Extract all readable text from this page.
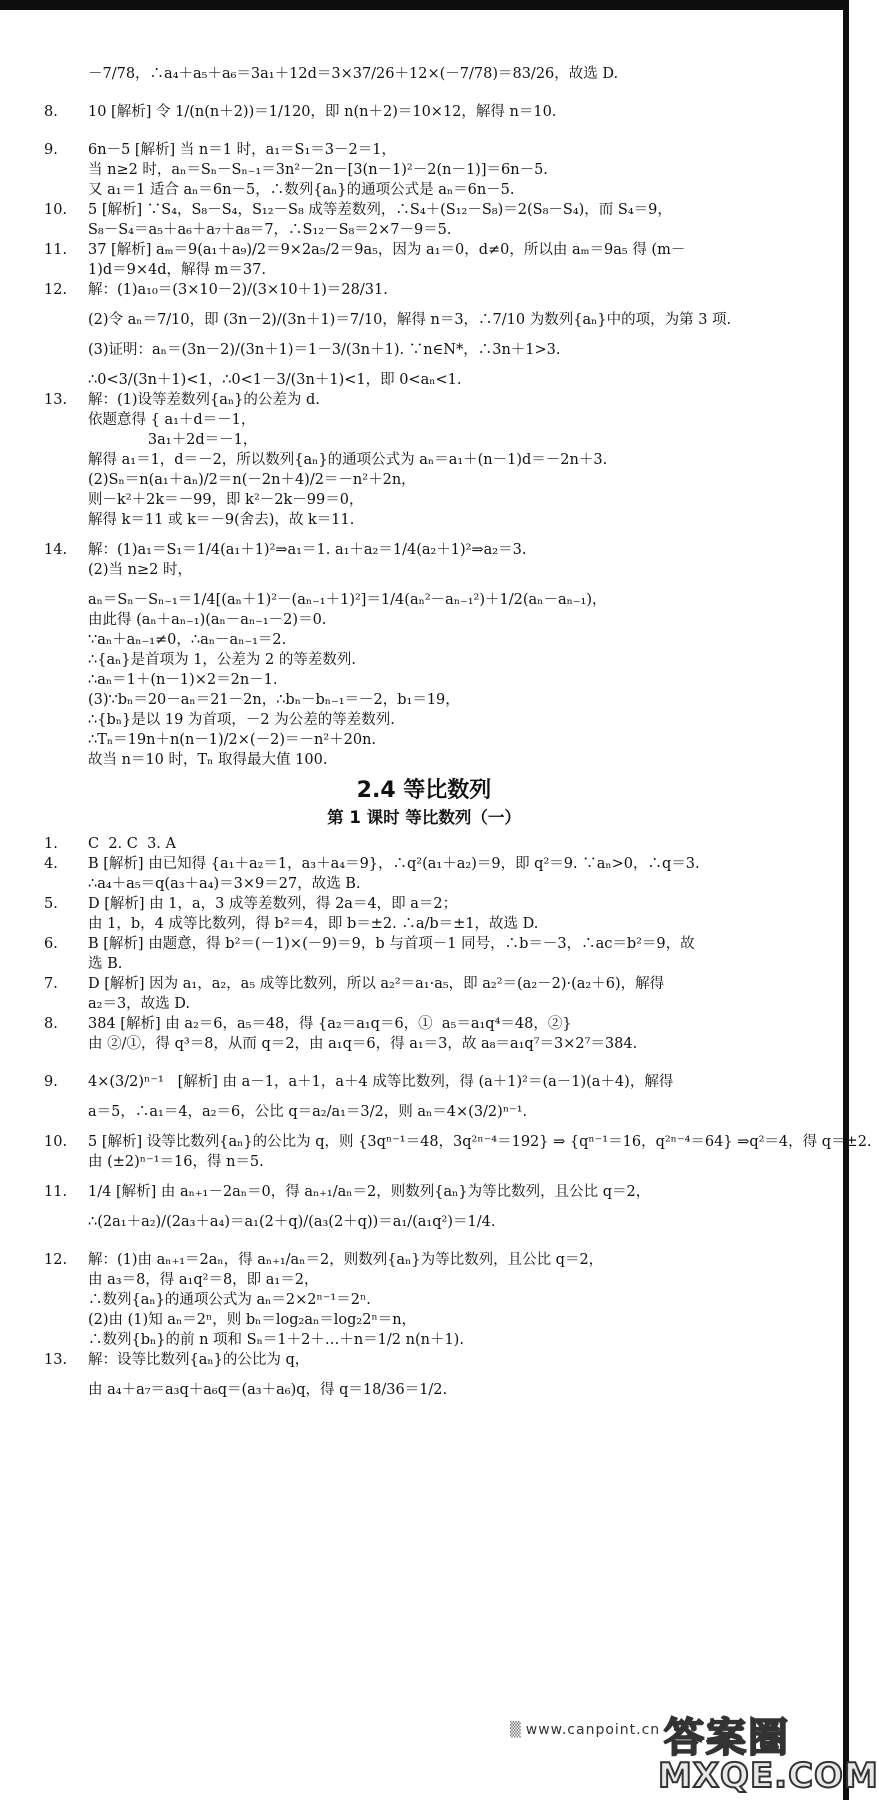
－7/78，∴a₄＋a₅＋a₆＝3a₁＋12d＝3×37/26＋12×(－7/78)＝83/26，故选 D.
8.	10 [解析] 令 1/(n(n＋2))＝1/120，即 n(n＋2)＝10×12，解得 n＝10.
9.	6n－5 [解析] 当 n＝1 时，a₁＝S₁＝3－2＝1，
当 n≥2 时，aₙ＝Sₙ－Sₙ₋₁＝3n²－2n－[3(n－1)²－2(n－1)]＝6n－5.
又 a₁＝1 适合 aₙ＝6n－5，∴数列{aₙ}的通项公式是 aₙ＝6n－5.
10.	5 [解析] ∵S₄，S₈－S₄，S₁₂－S₈ 成等差数列，∴S₄＋(S₁₂－S₈)＝2(S₈－S₄)，而 S₄＝9，
S₈－S₄＝a₅＋a₆＋a₇＋a₈＝7，∴S₁₂－S₈＝2×7－9＝5.
11.	37 [解析] aₘ＝9(a₁＋a₉)/2＝9×2a₅/2＝9a₅，因为 a₁＝0，d≠0，所以由 aₘ＝9a₅ 得 (m－
1)d＝9×4d，解得 m＝37.
12.	解：(1)a₁₀＝(3×10－2)/(3×10＋1)＝28/31.
(2)令 aₙ＝7/10，即 (3n－2)/(3n＋1)＝7/10，解得 n＝3，∴7/10 为数列{aₙ}中的项，为第 3 项.
(3)证明：aₙ＝(3n－2)/(3n＋1)＝1－3/(3n＋1). ∵n∈N*，∴3n＋1>3.
∴0<3/(3n＋1)<1，∴0<1－3/(3n＋1)<1，即 0<aₙ<1.
13.	解：(1)设等差数列{aₙ}的公差为 d.
依题意得 { a₁＋d＝－1，
3a₁＋2d＝－1，
解得 a₁＝1，d＝－2，所以数列{aₙ}的通项公式为 aₙ＝a₁＋(n－1)d＝－2n＋3.
(2)Sₙ＝n(a₁＋aₙ)/2＝n(－2n＋4)/2＝－n²＋2n，
则－k²＋2k＝－99，即 k²－2k－99＝0，
解得 k＝11 或 k＝－9(舍去)，故 k＝11.
14.	解：(1)a₁＝S₁＝1/4(a₁＋1)²⇒a₁＝1. a₁＋a₂＝1/4(a₂＋1)²⇒a₂＝3.
(2)当 n≥2 时，
aₙ＝Sₙ－Sₙ₋₁＝1/4[(aₙ＋1)²－(aₙ₋₁＋1)²]＝1/4(aₙ²－aₙ₋₁²)＋1/2(aₙ－aₙ₋₁)，
由此得 (aₙ＋aₙ₋₁)(aₙ－aₙ₋₁－2)＝0.
∵aₙ＋aₙ₋₁≠0，∴aₙ－aₙ₋₁＝2.
∴{aₙ}是首项为 1，公差为 2 的等差数列.
∴aₙ＝1＋(n－1)×2＝2n－1.
(3)∵bₙ＝20－aₙ＝21－2n，∴bₙ－bₙ₋₁＝－2，b₁＝19，
∴{bₙ}是以 19 为首项，－2 为公差的等差数列.
∴Tₙ＝19n＋n(n－1)/2×(－2)＝－n²＋20n.
故当 n＝10 时，Tₙ 取得最大值 100.
2.4 等比数列
第 1 课时 等比数列（一）
1.	C  2. C  3. A
4.	B [解析] 由已知得 {a₁＋a₂＝1，a₃＋a₄＝9}，∴q²(a₁＋a₂)＝9，即 q²＝9. ∵aₙ>0，∴q＝3.
∴a₄＋a₅＝q(a₃＋a₄)＝3×9＝27，故选 B.
5.	D [解析] 由 1，a，3 成等差数列，得 2a＝4，即 a＝2；
由 1，b，4 成等比数列，得 b²＝4，即 b＝±2. ∴a/b＝±1，故选 D.
6.	B [解析] 由题意，得 b²＝(－1)×(－9)＝9，b 与首项－1 同号，∴b＝－3，∴ac＝b²＝9，故
选 B.
7.	D [解析] 因为 a₁，a₂，a₅ 成等比数列，所以 a₂²＝a₁·a₅，即 a₂²＝(a₂－2)·(a₂＋6)，解得
a₂＝3，故选 D.
8.	384 [解析] 由 a₂＝6，a₅＝48，得 {a₂＝a₁q＝6，①  a₅＝a₁q⁴＝48，②}
由 ②/①，得 q³＝8，从而 q＝2，由 a₁q＝6，得 a₁＝3，故 a₈＝a₁q⁷＝3×2⁷＝384.
9.	4×(3/2)ⁿ⁻¹   [解析] 由 a－1，a＋1，a＋4 成等比数列，得 (a＋1)²＝(a－1)(a＋4)，解得
a＝5，∴a₁＝4，a₂＝6，公比 q＝a₂/a₁＝3/2，则 aₙ＝4×(3/2)ⁿ⁻¹.
10.	5 [解析] 设等比数列{aₙ}的公比为 q，则 {3qⁿ⁻¹＝48，3q²ⁿ⁻⁴＝192} ⇒ {qⁿ⁻¹＝16，q²ⁿ⁻⁴＝64} ⇒q²＝4，得 q＝±2.
由 (±2)ⁿ⁻¹＝16，得 n＝5.
11.	1/4 [解析] 由 aₙ₊₁－2aₙ＝0，得 aₙ₊₁/aₙ＝2，则数列{aₙ}为等比数列，且公比 q＝2，
∴(2a₁＋a₂)/(2a₃＋a₄)＝a₁(2＋q)/(a₃(2＋q))＝a₁/(a₁q²)＝1/4.
12.	解：(1)由 aₙ₊₁＝2aₙ，得 aₙ₊₁/aₙ＝2，则数列{aₙ}为等比数列，且公比 q＝2，
由 a₃＝8，得 a₁q²＝8，即 a₁＝2，
∴数列{aₙ}的通项公式为 aₙ＝2×2ⁿ⁻¹＝2ⁿ.
(2)由 (1)知 aₙ＝2ⁿ，则 bₙ＝log₂aₙ＝log₂2ⁿ＝n，
∴数列{bₙ}的前 n 项和 Sₙ＝1＋2＋…＋n＝1/2 n(n＋1).
13.	解：设等比数列{aₙ}的公比为 q，
由 a₄＋a₇＝a₃q＋a₆q＝(a₃＋a₆)q，得 q＝18/36＝1/2.
▒ www.canpoint.cn 答案圈
MXQE.COM
